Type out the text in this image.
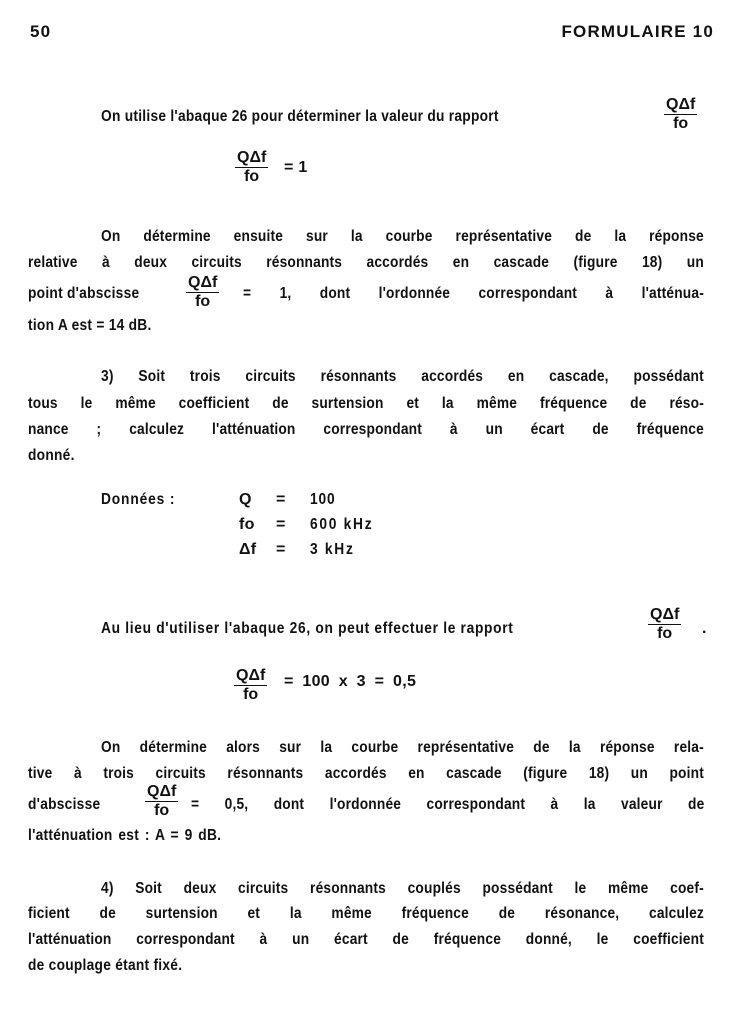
50	FORMULAIRE 10
On utilise l'abaque 26 pour déterminer la valeur du rapport
QΔf
fo
QΔf
fo
= 1
On détermine ensuite sur la courbe représentative de la réponse
relative à deux circuits résonnants accordés en cascade (figure 18) un
point d'abscisse
QΔf
fo	= 1, dont l'ordonnée correspondant à l'atténua-
tion A est = 14 dB.
3) Soit trois circuits résonnants accordés en cascade, possédant
tous le même coefficient de surtension et la même fréquence de réso-
nance ; calculez l'atténuation correspondant à un écart de fréquence
donné.
Données :	Q = 100
fo = 600 kHz
Δf = 3 kHz
Au lieu d'utiliser l'abaque 26, on peut effectuer le rapport
QΔf
fo	.
QΔf
fo
= 100 x 3 = 0,5
On détermine alors sur la courbe représentative de la réponse rela-
tive à trois circuits résonnants accordés en cascade (figure 18) un point
d'abscisse
QΔf
fo	= 0,5, dont l'ordonnée correspondant à la valeur de
l'atténuation est : A = 9 dB.
4) Soit deux circuits résonnants couplés possédant le même coef-
ficient de surtension et la même fréquence de résonance, calculez
l'atténuation correspondant à un écart de fréquence donné, le coefficient
de couplage étant fixé.
